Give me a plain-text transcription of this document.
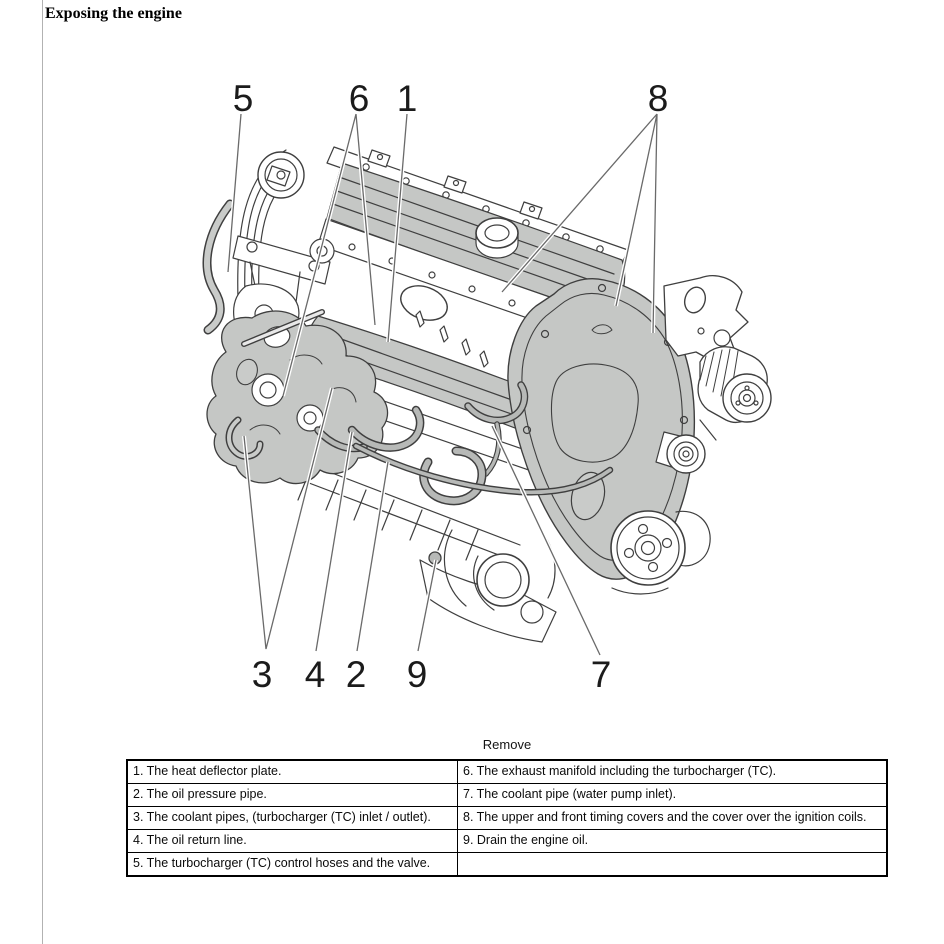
Exposing the engine
5	6 1	8
3 4 2 9	7
Remove
1. The heat deflector plate.	6. The exhaust manifold including the turbocharger (TC).
2. The oil pressure pipe.	7. The coolant pipe (water pump inlet).
3. The coolant pipes, (turbocharger (TC) inlet / outlet).	8. The upper and front timing covers and the cover over the ignition coils.
4. The oil return line.	9. Drain the engine oil.
5. The turbocharger (TC) control hoses and the valve.	
